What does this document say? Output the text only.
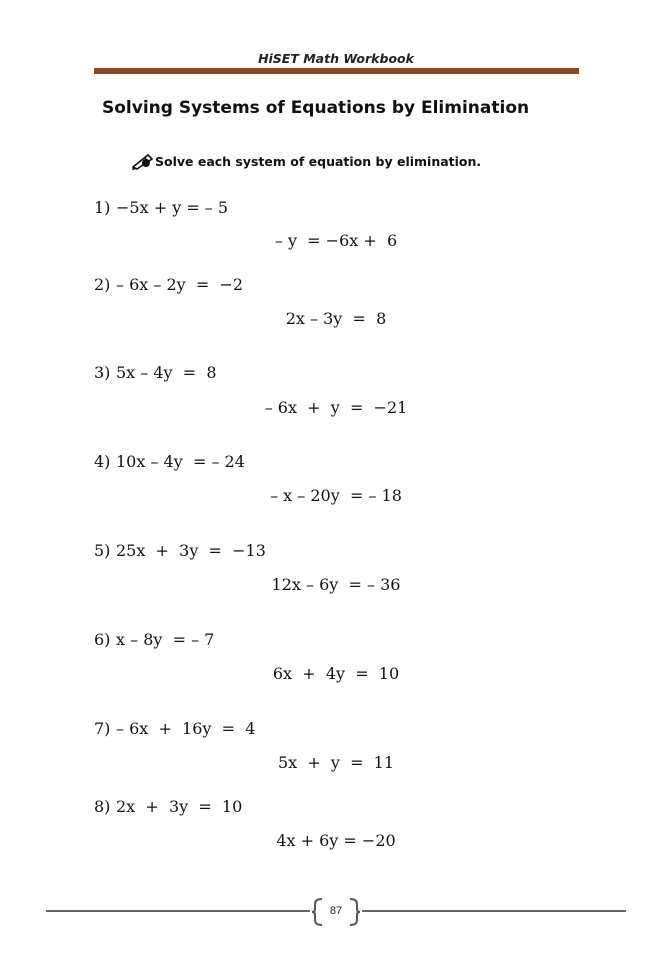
HiSET Math Workbook
Solving Systems of Equations by Elimination
Solve each system of equation by elimination.
1) −5x + y = – 5
– y  = −6x +  6
2) – 6x – 2y  =  −2
2x – 3y  =  8
3) 5x – 4y  =  8
– 6x  +  y  =  −21
4) 10x – 4y  = – 24
– x – 20y  = – 18
5) 25x  +  3y  =  −13
12x – 6y  = – 36
6) x – 8y  = – 7
6x  +  4y  =  10
7) – 6x  +  16y  =  4
5x  +  y  =  11
8) 2x  +  3y  =  10
4x + 6y = −20
87
